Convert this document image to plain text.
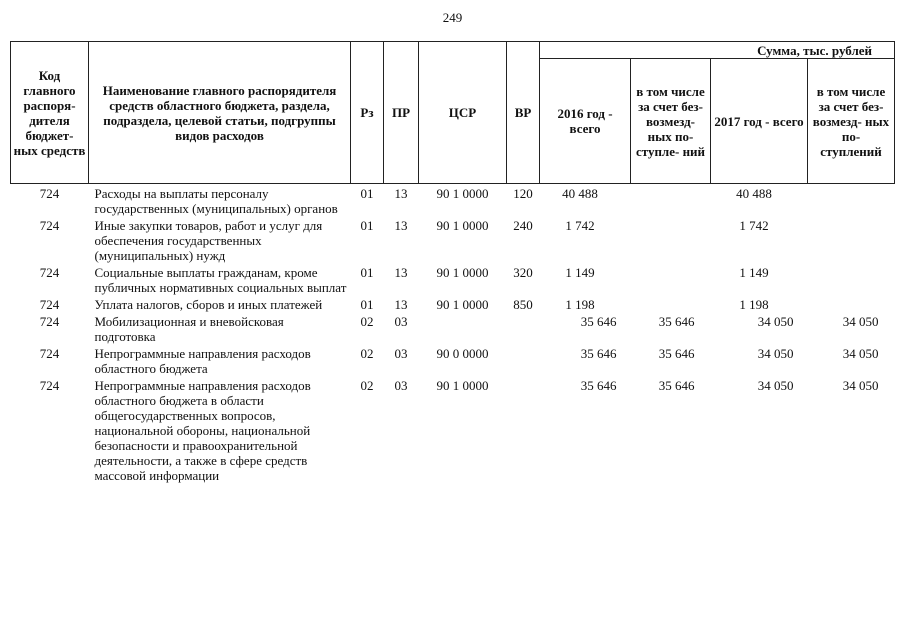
249
Код главного распоря- дителя бюджет- ных средств	Наименование главного распорядителя средств областного бюджета, раздела, подраздела, целевой статьи, подгруппы видов расходов	Рз	ПР	ЦСР	ВР	Сумма, тыс. рублей			
						2016 год - всего	в том числе за счет без- возмезд- ных по- ступле- ний	2017 год - всего	в том числе за счет без- возмезд- ных по- ступлений
724	Расходы на выплаты персоналу государственных (муниципальных) органов	01	13	90 1 0000	120	40 488		40 488	
724	Иные закупки товаров, работ и услуг для обеспечения государственных (муниципальных) нужд	01	13	90 1 0000	240	1 742		1 742	
724	Социальные выплаты гражданам, кроме публичных нормативных социальных выплат	01	13	90 1 0000	320	1 149		1 149	
724	Уплата налогов, сборов и иных платежей	01	13	90 1 0000	850	1 198		1 198	
724	Мобилизационная и вневойсковая подготовка	02	03			35 646	35 646	34 050	34 050
724	Непрограммные направления расходов областного бюджета	02	03	90 0 0000		35 646	35 646	34 050	34 050
724	Непрограммные направления расходов областного бюджета в области общегосударственных вопросов, национальной обороны, национальной безопасности и правоохранительной деятельности, а также в сфере средств массовой информации	02	03	90 1 0000		35 646	35 646	34 050	34 050
